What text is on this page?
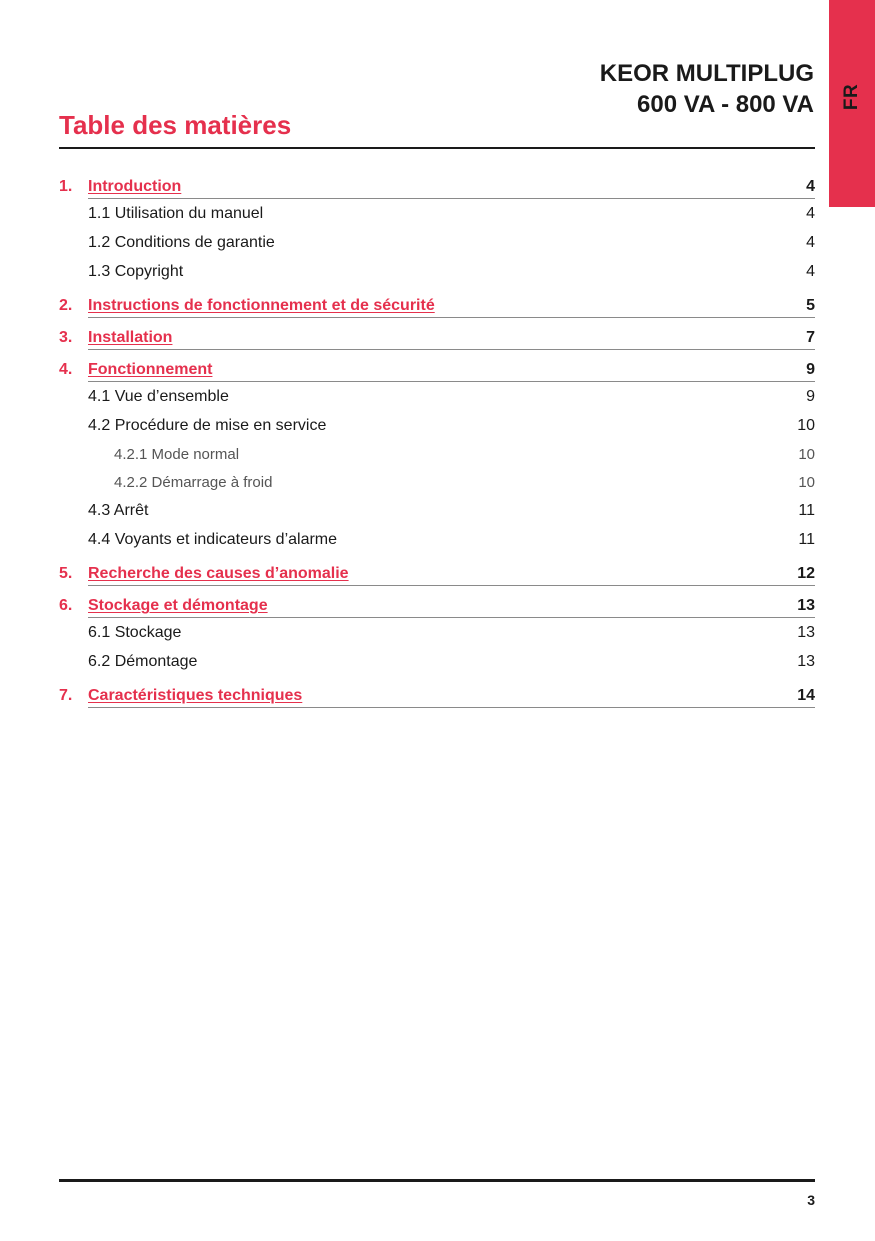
FR
KEOR MULTIPLUG
600 VA - 800 VA
Table des matières
1. Introduction	4
1.1 Utilisation du manuel	4
1.2 Conditions de garantie	4
1.3 Copyright	4
2. Instructions de fonctionnement et de sécurité	5
3. Installation	7
4. Fonctionnement	9
4.1 Vue d’ensemble	9
4.2 Procédure de mise en service	10
4.2.1 Mode normal	10
4.2.2 Démarrage à froid	10
4.3 Arrêt	11
4.4 Voyants et indicateurs d’alarme	11
5. Recherche des causes d’anomalie	12
6. Stockage et démontage	13
6.1 Stockage	13
6.2 Démontage	13
7. Caractéristiques techniques	14
3
